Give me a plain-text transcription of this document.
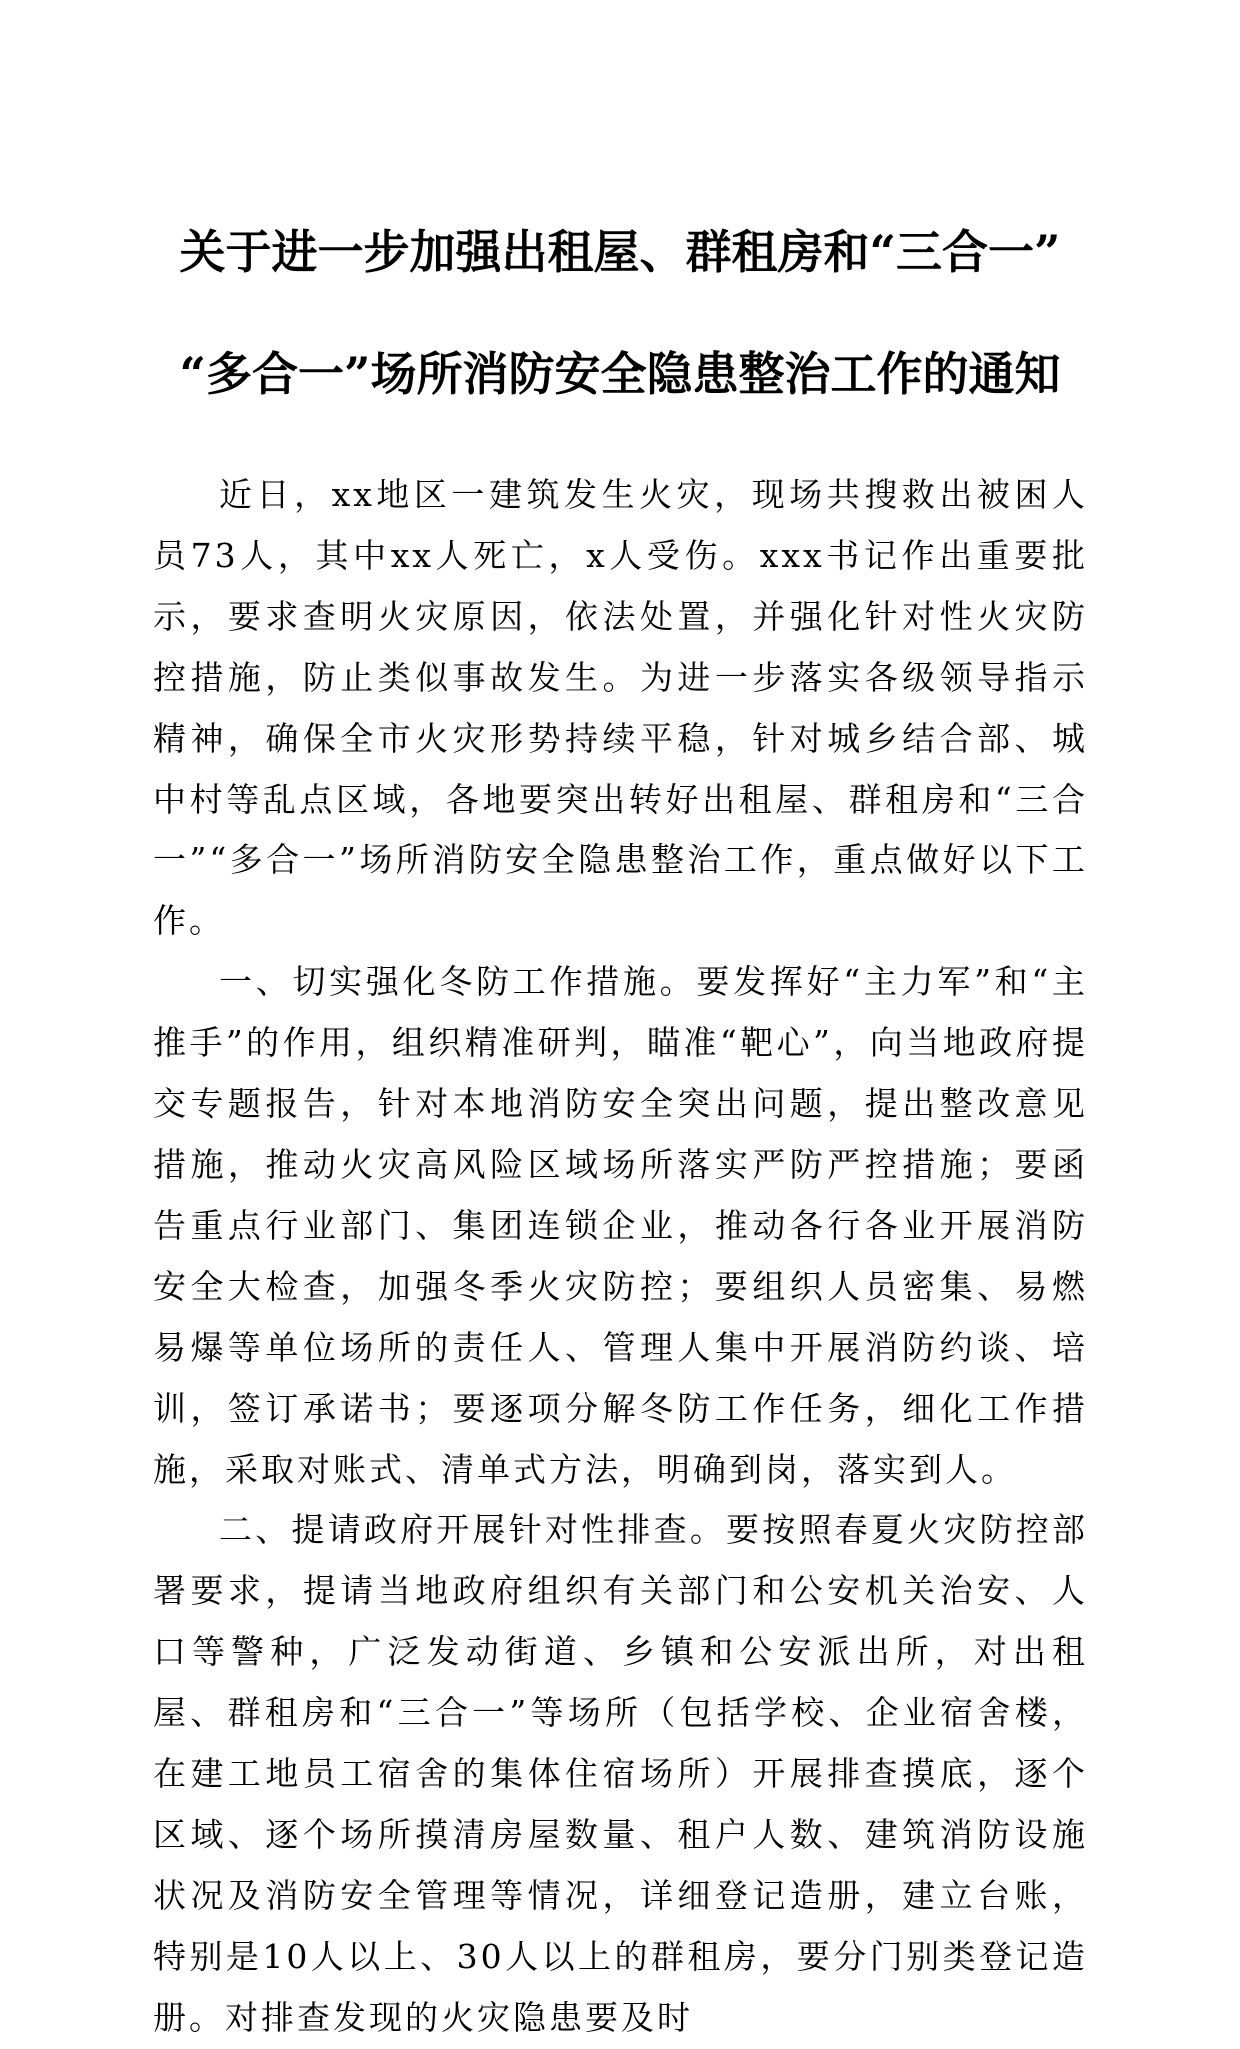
关于进一步加强出租屋、群租房和“三合一”
“多合一”场所消防安全隐患整治工作的通知

近日，xx地区一建筑发生火灾，现场共搜救出被困人员73人，其中xx人死亡，x人受伤。xxx书记作出重要批示，要求查明火灾原因，依法处置，并强化针对性火灾防控措施，防止类似事故发生。为进一步落实各级领导指示精神，确保全市火灾形势持续平稳，针对城乡结合部、城中村等乱点区域，各地要突出转好出租屋、群租房和“三合一”“多合一”场所消防安全隐患整治工作，重点做好以下工作。

一、切实强化冬防工作措施。要发挥好“主力军”和“主推手”的作用，组织精准研判，瞄准“靶心”，向当地政府提交专题报告，针对本地消防安全突出问题，提出整改意见措施，推动火灾高风险区域场所落实严防严控措施；要函告重点行业部门、集团连锁企业，推动各行各业开展消防安全大检查，加强冬季火灾防控；要组织人员密集、易燃易爆等单位场所的责任人、管理人集中开展消防约谈、培训，签订承诺书；要逐项分解冬防工作任务，细化工作措施，采取对账式、清单式方法，明确到岗，落实到人。

二、提请政府开展针对性排查。要按照春夏火灾防控部署要求，提请当地政府组织有关部门和公安机关治安、人口等警种，广泛发动街道、乡镇和公安派出所，对出租屋、群租房和“三合一”等场所（包括学校、企业宿舍楼，在建工地员工宿舍的集体住宿场所）开展排查摸底，逐个区域、逐个场所摸清房屋数量、租户人数、建筑消防设施状况及消防安全管理等情况，详细登记造册，建立台账，特别是10人以上、30人以上的群租房，要分门别类登记造册。对排查发现的火灾隐患要及时
